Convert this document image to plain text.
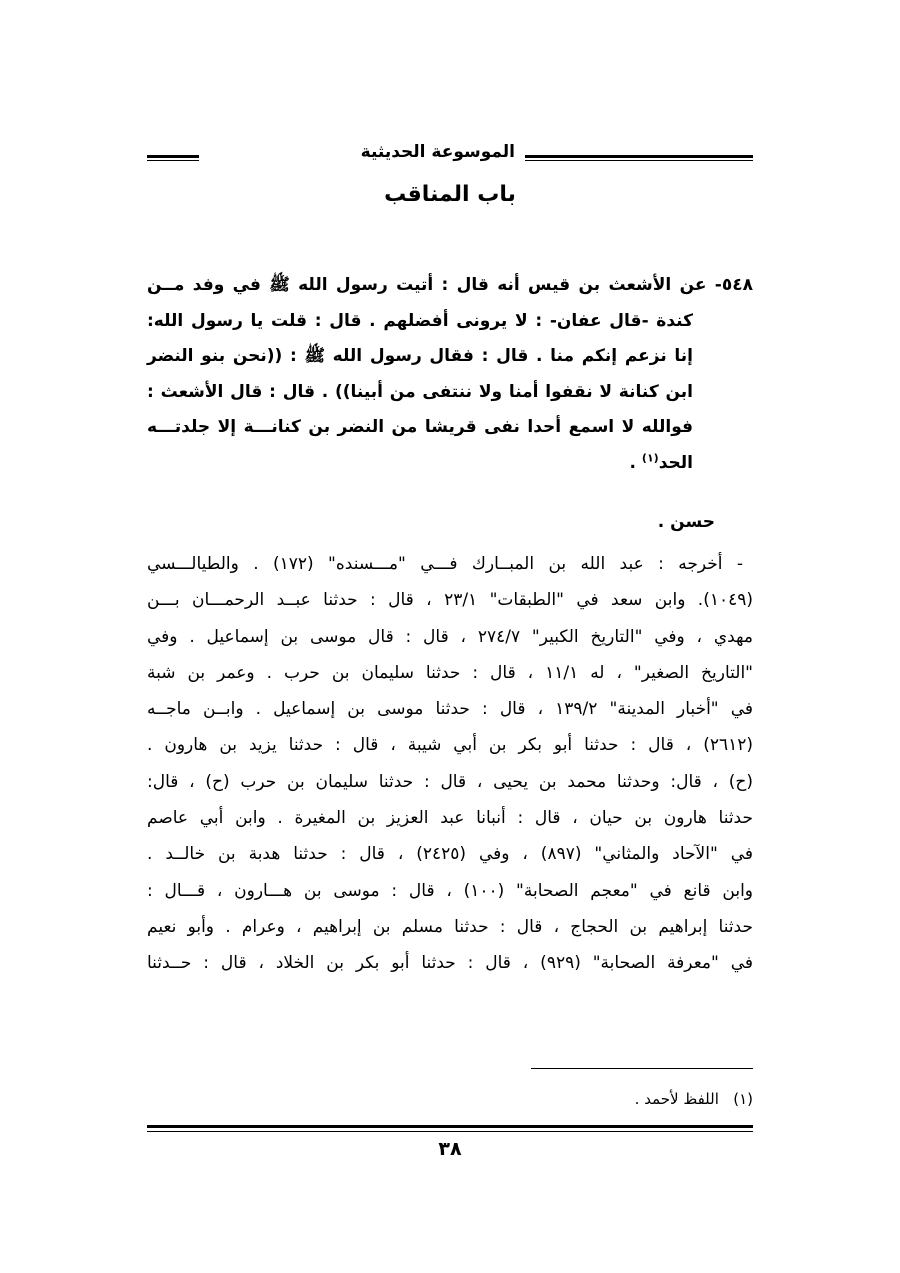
الموسوعة الحديثية
باب المناقب
٥٤٨- عن الأشعث بن قيس أنه قال : أتيت رسول الله ﷺ في وفد مــن
كندة -قال عفان- : لا يرونى أفضلهم . قال : قلت يا رسول الله:
إنا نزعم إنكم منا . قال : فقال رسول الله ﷺ : ((نحن بنو النضر
ابن كنانة لا نقفوا أمنا ولا ننتفى من أبينا)) . قال : قال الأشعث :
فوالله لا اسمع أحدا نفى قريشا من النضر بن كنانـــة إلا جلدتـــه
الحد$^{(١)}$ .
حسن .
- أخرجه : عبد الله بن المبــارك فـــي "مـــسنده" (١٧٢) . والطيالـــسي
(١٠٤٩). وابن سعد في "الطبقات" ٢٣/١ ، قال : حدثنا عبــد الرحمـــان بـــن
مهدي ، وفي "التاريخ الكبير" ٢٧٤/٧ ، قال : قال موسى بن إسماعيل . وفي
"التاريخ الصغير" ، له ١١/١ ، قال : حدثنا سليمان بن حرب . وعمر بن شبة
في "أخبار المدينة" ١٣٩/٢ ، قال : حدثنا موسى بن إسماعيل . وابــن ماجــه
(٢٦١٢) ، قال : حدثنا أبو بكر بن أبي شيبة ، قال : حدثنا يزيد بن هارون .
(ح) ، قال: وحدثنا محمد بن يحيى ، قال : حدثنا سليمان بن حرب (ح) ، قال:
حدثنا هارون بن حيان ، قال : أنبانا عبد العزيز بن المغيرة . وابن أبي عاصم
في "الآحاد والمثاني" (٨٩٧) ، وفي (٢٤٢٥) ، قال : حدثنا هدبة بن خالــد .
وابن قانع في "معجم الصحابة" (١٠٠) ، قال : موسى بن هـــارون ، قـــال :
حدثنا إبراهيم بن الحجاج ، قال : حدثنا مسلم بن إبراهيم ، وعرام . وأبو نعيم
في "معرفة الصحابة" (٩٢٩) ، قال : حدثنا أبو بكر بن الخلاد ، قال : حــدثنا
(١)   اللفظ لأحمد .
٣٨
